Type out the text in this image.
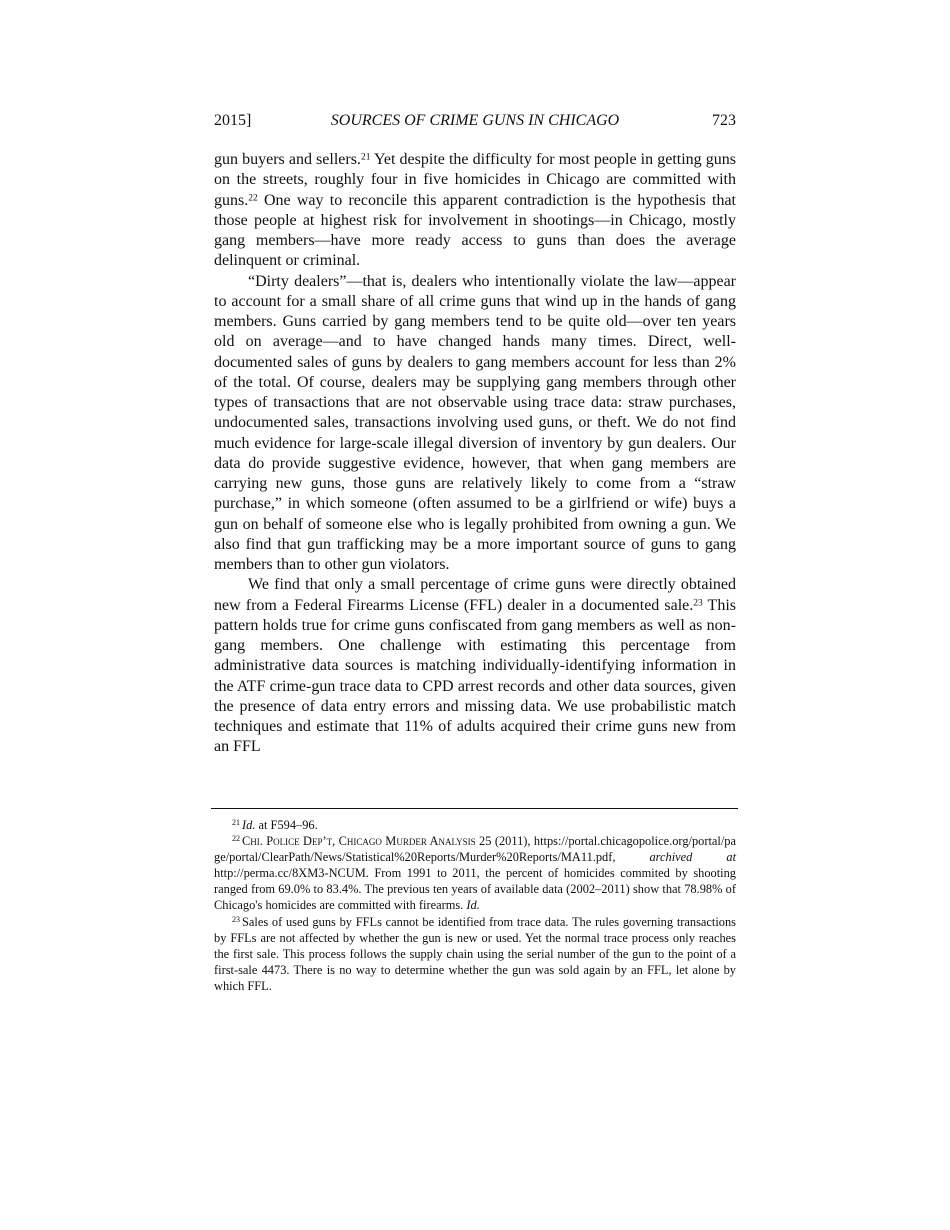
2015]	SOURCES OF CRIME GUNS IN CHICAGO	723

gun buyers and sellers.$^{21}$ Yet despite the difficulty for most people in getting guns on the streets, roughly four in five homicides in Chicago are committed with guns.$^{22}$ One way to reconcile this apparent contradiction is the hypothesis that those people at highest risk for involvement in shootings—in Chicago, mostly gang members—have more ready access to guns than does the average delinquent or criminal.

“Dirty dealers”—that is, dealers who intentionally violate the law—appear to account for a small share of all crime guns that wind up in the hands of gang members. Guns carried by gang members tend to be quite old—over ten years old on average—and to have changed hands many times. Direct, well-documented sales of guns by dealers to gang members account for less than 2% of the total. Of course, dealers may be supplying gang members through other types of transactions that are not observable using trace data: straw purchases, undocumented sales, transactions involving used guns, or theft. We do not find much evidence for large-scale illegal diversion of inventory by gun dealers. Our data do provide suggestive evidence, however, that when gang members are carrying new guns, those guns are relatively likely to come from a “straw purchase,” in which someone (often assumed to be a girlfriend or wife) buys a gun on behalf of someone else who is legally prohibited from owning a gun. We also find that gun trafficking may be a more important source of guns to gang members than to other gun violators.

We find that only a small percentage of crime guns were directly obtained new from a Federal Firearms License (FFL) dealer in a documented sale.$^{23}$ This pattern holds true for crime guns confiscated from gang members as well as non-gang members. One challenge with estimating this percentage from administrative data sources is matching individually-identifying information in the ATF crime-gun trace data to CPD arrest records and other data sources, given the presence of data entry errors and missing data. We use probabilistic match techniques and estimate that 11% of adults acquired their crime guns new from an FFL

$^{21}$ Id. at F594–96.

$^{22}$ Chi. Police Dep’t, Chicago Murder Analysis 25 (2011), https://portal.chicagopolice.org/portal/page/portal/ClearPath/News/Statistical%20Reports/Murder%20Reports/MA11.pdf, archived at http://perma.cc/8XM3-NCUM. From 1991 to 2011, the percent of homicides commited by shooting ranged from 69.0% to 83.4%. The previous ten years of available data (2002–2011) show that 78.98% of Chicago's homicides are committed with firearms. Id.

$^{23}$ Sales of used guns by FFLs cannot be identified from trace data. The rules governing transactions by FFLs are not affected by whether the gun is new or used. Yet the normal trace process only reaches the first sale. This process follows the supply chain using the serial number of the gun to the point of a first-sale 4473. There is no way to determine whether the gun was sold again by an FFL, let alone by which FFL.
